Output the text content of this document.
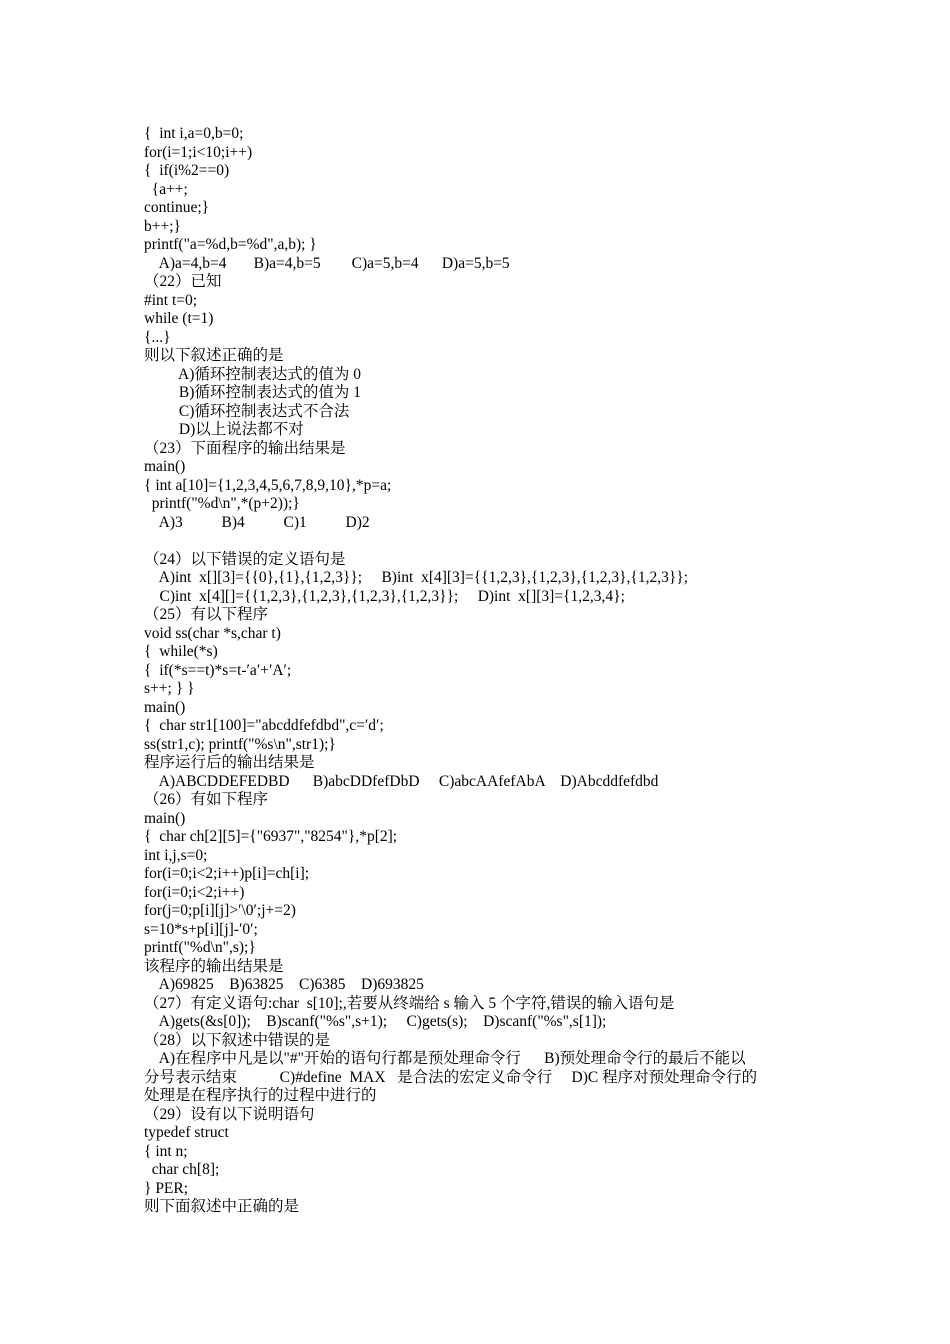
{  int i,a=0,b=0;
for(i=1;i<10;i++)
{  if(i%2==0)
{a++;
continue;}
b++;}
printf("a=%d,b=%d",a,b); }
A)a=4,b=4       B)a=4,b=5        C)a=5,b=4      D)a=5,b=5
（22）已知
#int t=0;
while (t=1)
{...}
则以下叙述正确的是
A)循环控制表达式的值为 0
B)循环控制表达式的值为 1
C)循环控制表达式不合法
D)以上说法都不对
（23）下面程序的输出结果是
main()
{ int a[10]={1,2,3,4,5,6,7,8,9,10},*p=a;
printf("%d\n",*(p+2));}
A)3          B)4          C)1          D)2
（24）以下错误的定义语句是
A)int  x[][3]={{0},{1},{1,2,3}};     B)int  x[4][3]={{1,2,3},{1,2,3},{1,2,3},{1,2,3}};
C)int  x[4][]={{1,2,3},{1,2,3},{1,2,3},{1,2,3}};     D)int  x[][3]={1,2,3,4};
（25）有以下程序
void ss(char *s,char t)
{  while(*s)
{  if(*s==t)*s=t-′a′+′A′;
s++; } }
main()
{  char str1[100]="abcddfefdbd",c=′d′;
ss(str1,c); printf("%s\n",str1);}
程序运行后的输出结果是
A)ABCDDEFEDBD      B)abcDDfefDbD     C)abcAAfefAbA    D)Abcddfefdbd
（26）有如下程序
main()
{  char ch[2][5]={"6937","8254"},*p[2];
int i,j,s=0;
for(i=0;i<2;i++)p[i]=ch[i];
for(i=0;i<2;i++)
for(j=0;p[i][j]>′\0′;j+=2)
s=10*s+p[i][j]-′0′;
printf("%d\n",s);}
该程序的输出结果是
A)69825    B)63825    C)6385    D)693825
（27）有定义语句:char  s[10];,若要从终端给 s 输入 5 个字符,错误的输入语句是
A)gets(&s[0]);    B)scanf("%s",s+1);     C)gets(s);    D)scanf("%s",s[1]);
（28）以下叙述中错误的是
A)在程序中凡是以"#"开始的语句行都是预处理命令行      B)预处理命令行的最后不能以
分号表示结束           C)#define  MAX   是合法的宏定义命令行     D)C 程序对预处理命令行的
处理是在程序执行的过程中进行的
（29）设有以下说明语句
typedef struct
{ int n;
char ch[8];
} PER;
则下面叙述中正确的是
